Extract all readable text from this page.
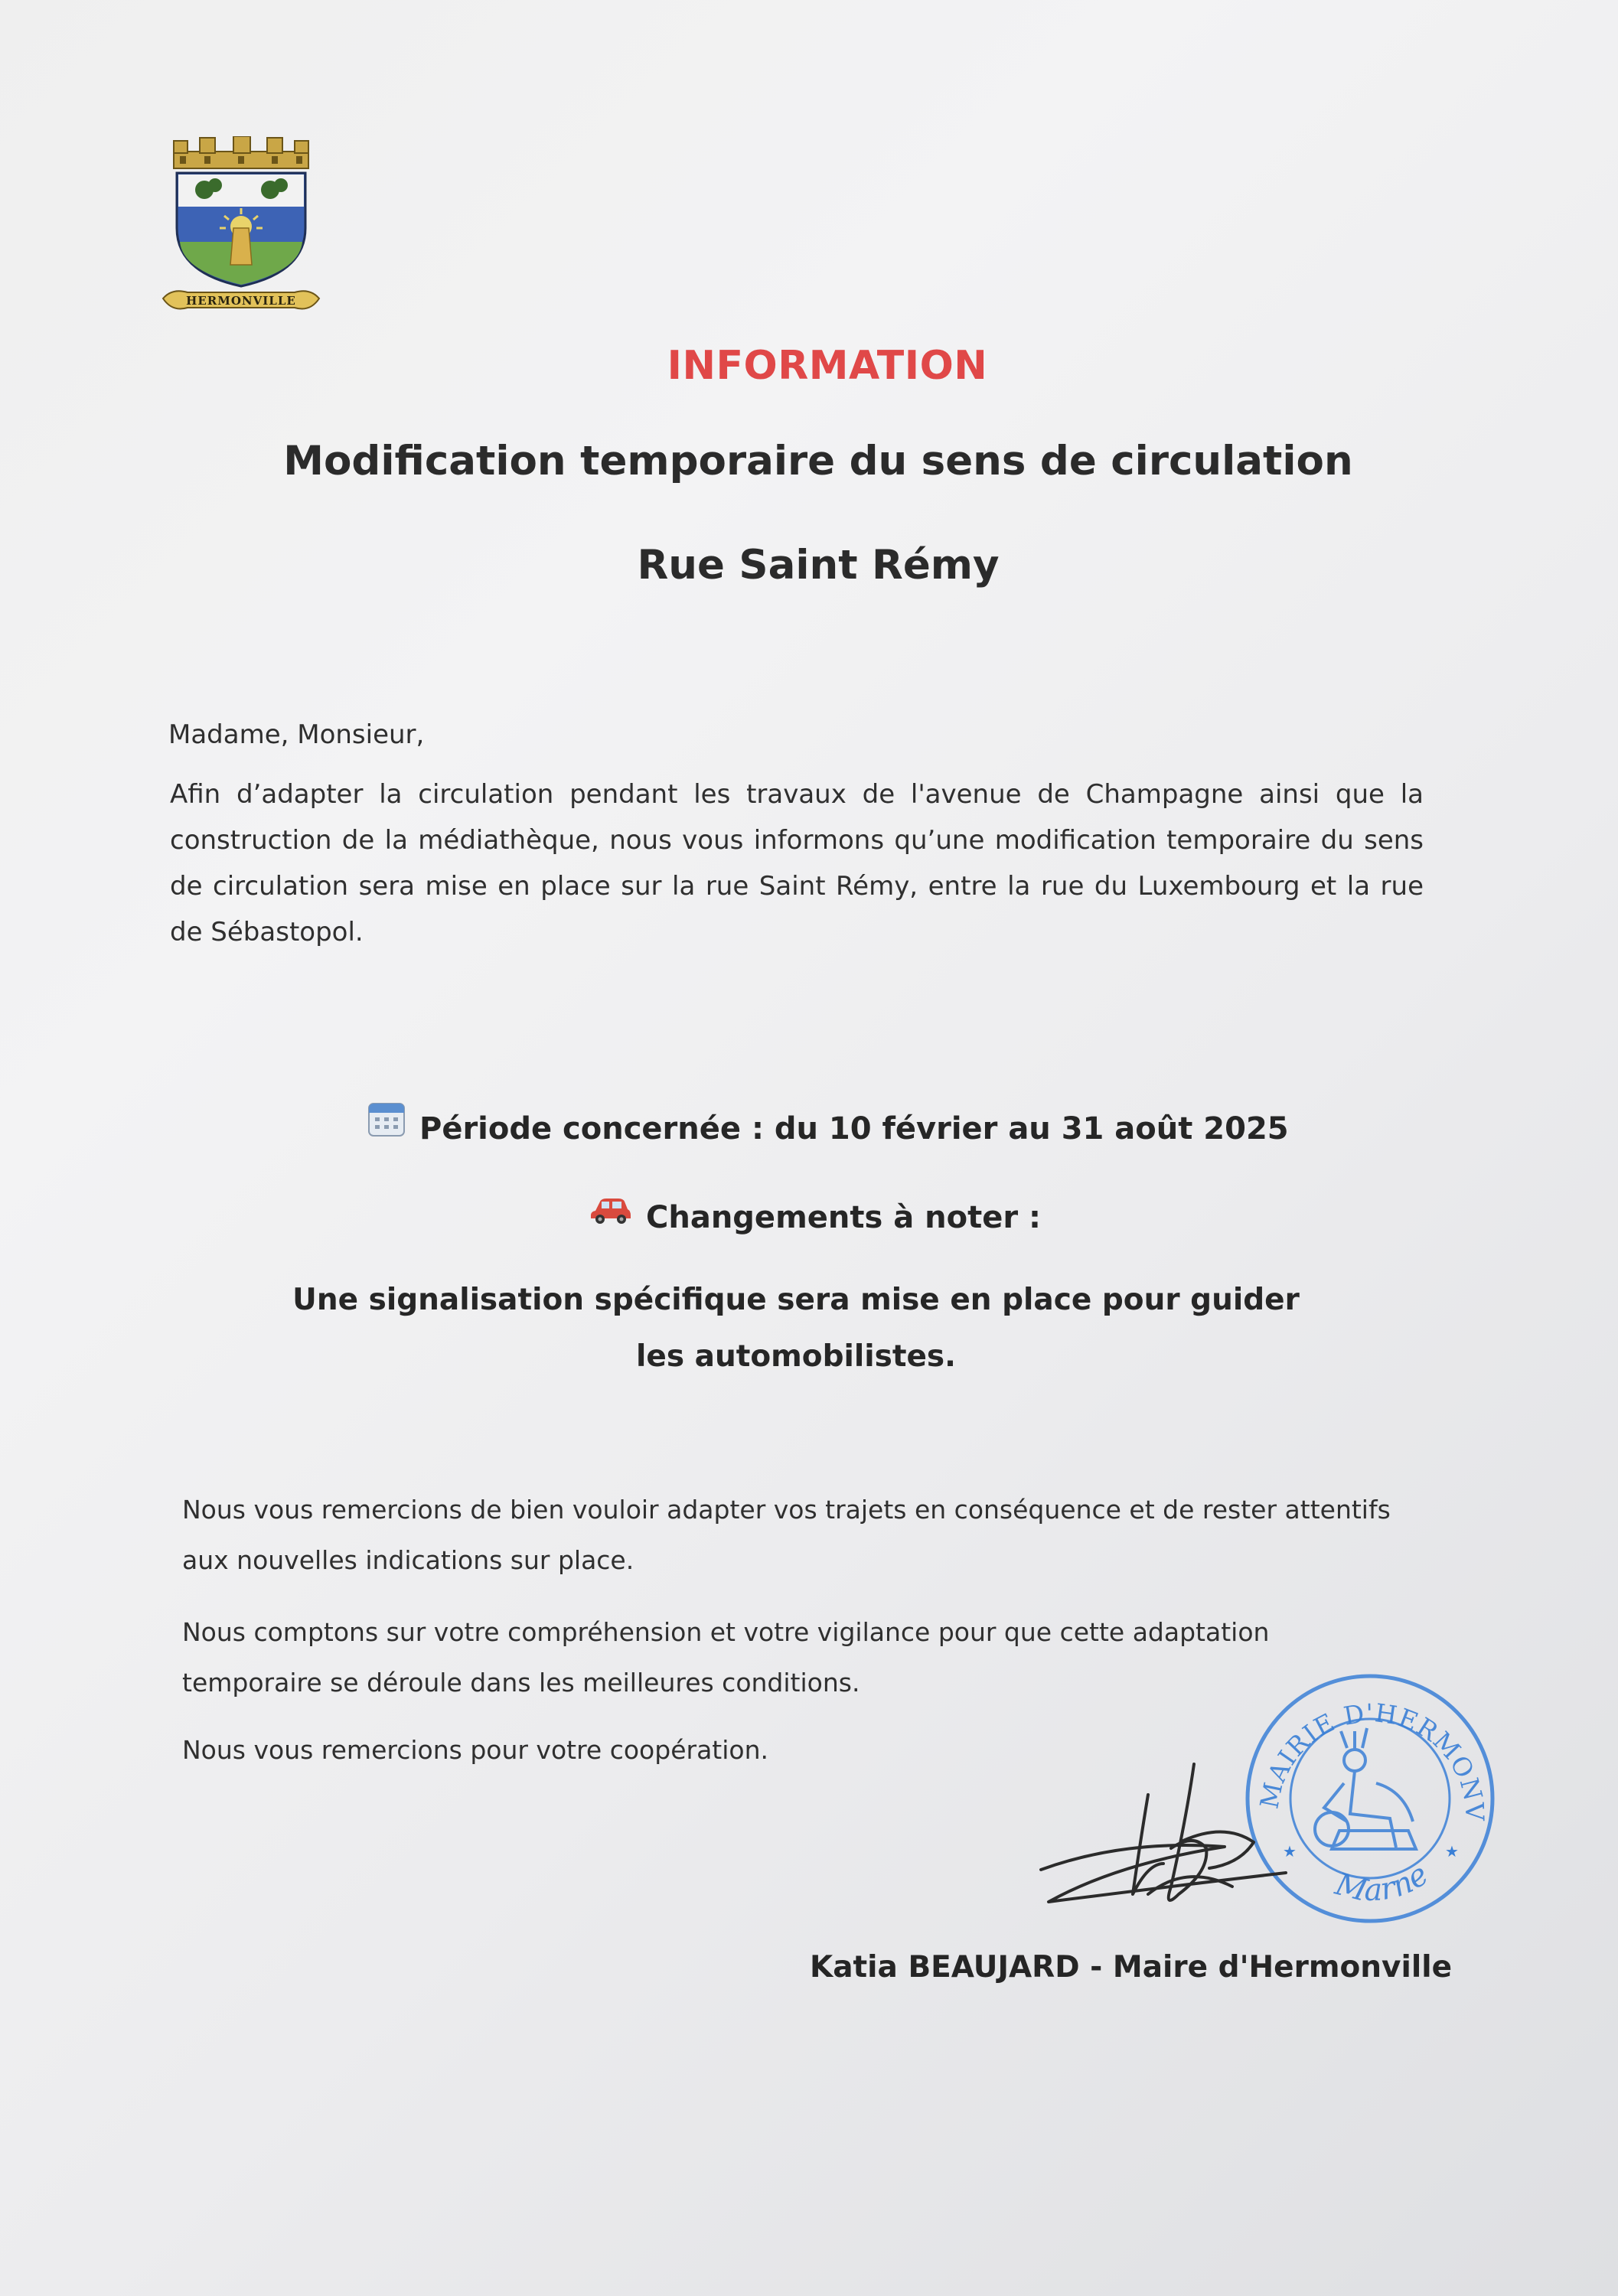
HERMONVILLE
INFORMATION
Modification temporaire du sens de circulation
Rue Saint Rémy
Madame, Monsieur,
Afin d’adapter la circulation pendant les travaux de l'avenue de Champagne ainsi que la construction de la médiathèque, nous vous informons qu’une modification temporaire du sens de circulation sera mise en place sur la rue Saint Rémy, entre la rue du Luxembourg et la rue de Sébastopol.
Période concernée : du 10 février au 31 août 2025
Changements à noter :
Une signalisation spécifique sera mise en place pour guider les automobilistes.
Nous vous remercions de bien vouloir adapter vos trajets en conséquence et de rester attentifs aux nouvelles indications sur place.
Nous comptons sur votre compréhension et votre vigilance pour que cette adaptation temporaire se déroule dans les meilleures conditions.
Nous vous remercions pour votre coopération.
MAIRIE D'HERMONV
Marne
★	★
Katia BEAUJARD - Maire d'Hermonville
